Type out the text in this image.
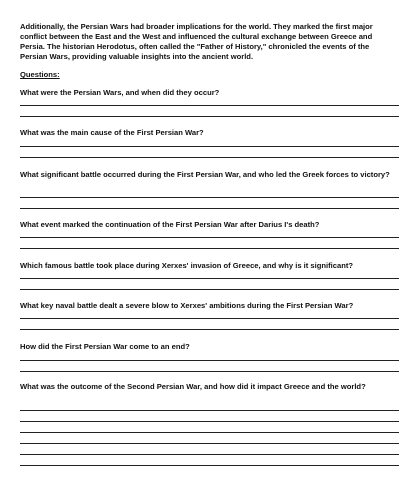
Additionally, the Persian Wars had broader implications for the world. They marked the first major conflict between the East and the West and influenced the cultural exchange between Greece and Persia. The historian Herodotus, often called the "Father of History," chronicled the events of the Persian Wars, providing valuable insights into the ancient world.

Questions:

What were the Persian Wars, and when did they occur?

What was the main cause of the First Persian War?

What significant battle occurred during the First Persian War, and who led the Greek forces to victory?

What event marked the continuation of the First Persian War after Darius I's death?

Which famous battle took place during Xerxes' invasion of Greece, and why is it significant?

What key naval battle dealt a severe blow to Xerxes' ambitions during the First Persian War?

How did the First Persian War come to an end?

What was the outcome of the Second Persian War, and how did it impact Greece and the world?
